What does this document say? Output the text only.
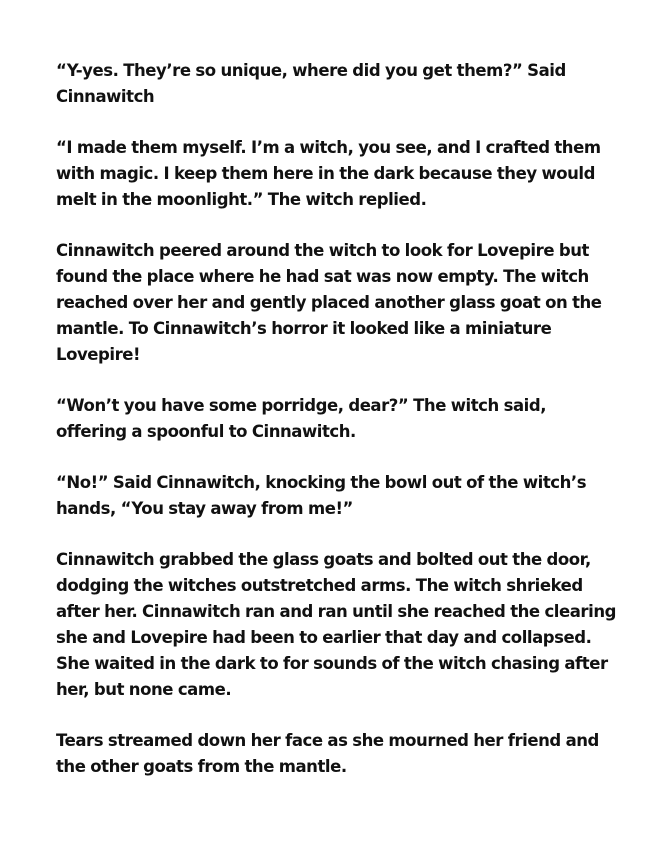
“Y-yes. They’re so unique, where did you get them?” Said Cinnawitch

“I made them myself. I’m a witch, you see, and I crafted them with magic. I keep them here in the dark because they would melt in the moonlight.” The witch replied.

Cinnawitch peered around the witch to look for Lovepire but found the place where he had sat was now empty. The witch reached over her and gently placed another glass goat on the mantle. To Cinnawitch’s horror it looked like a miniature Lovepire!

“Won’t you have some porridge, dear?” The witch said, offering a spoonful to Cinnawitch.

“No!” Said Cinnawitch, knocking the bowl out of the witch’s hands, “You stay away from me!”

Cinnawitch grabbed the glass goats and bolted out the door, dodging the witches outstretched arms. The witch shrieked after her. Cinnawitch ran and ran until she reached the clearing she and Lovepire had been to earlier that day and collapsed. She waited in the dark to for sounds of the witch chasing after her, but none came.

Tears streamed down her face as she mourned her friend and the other goats from the mantle.
